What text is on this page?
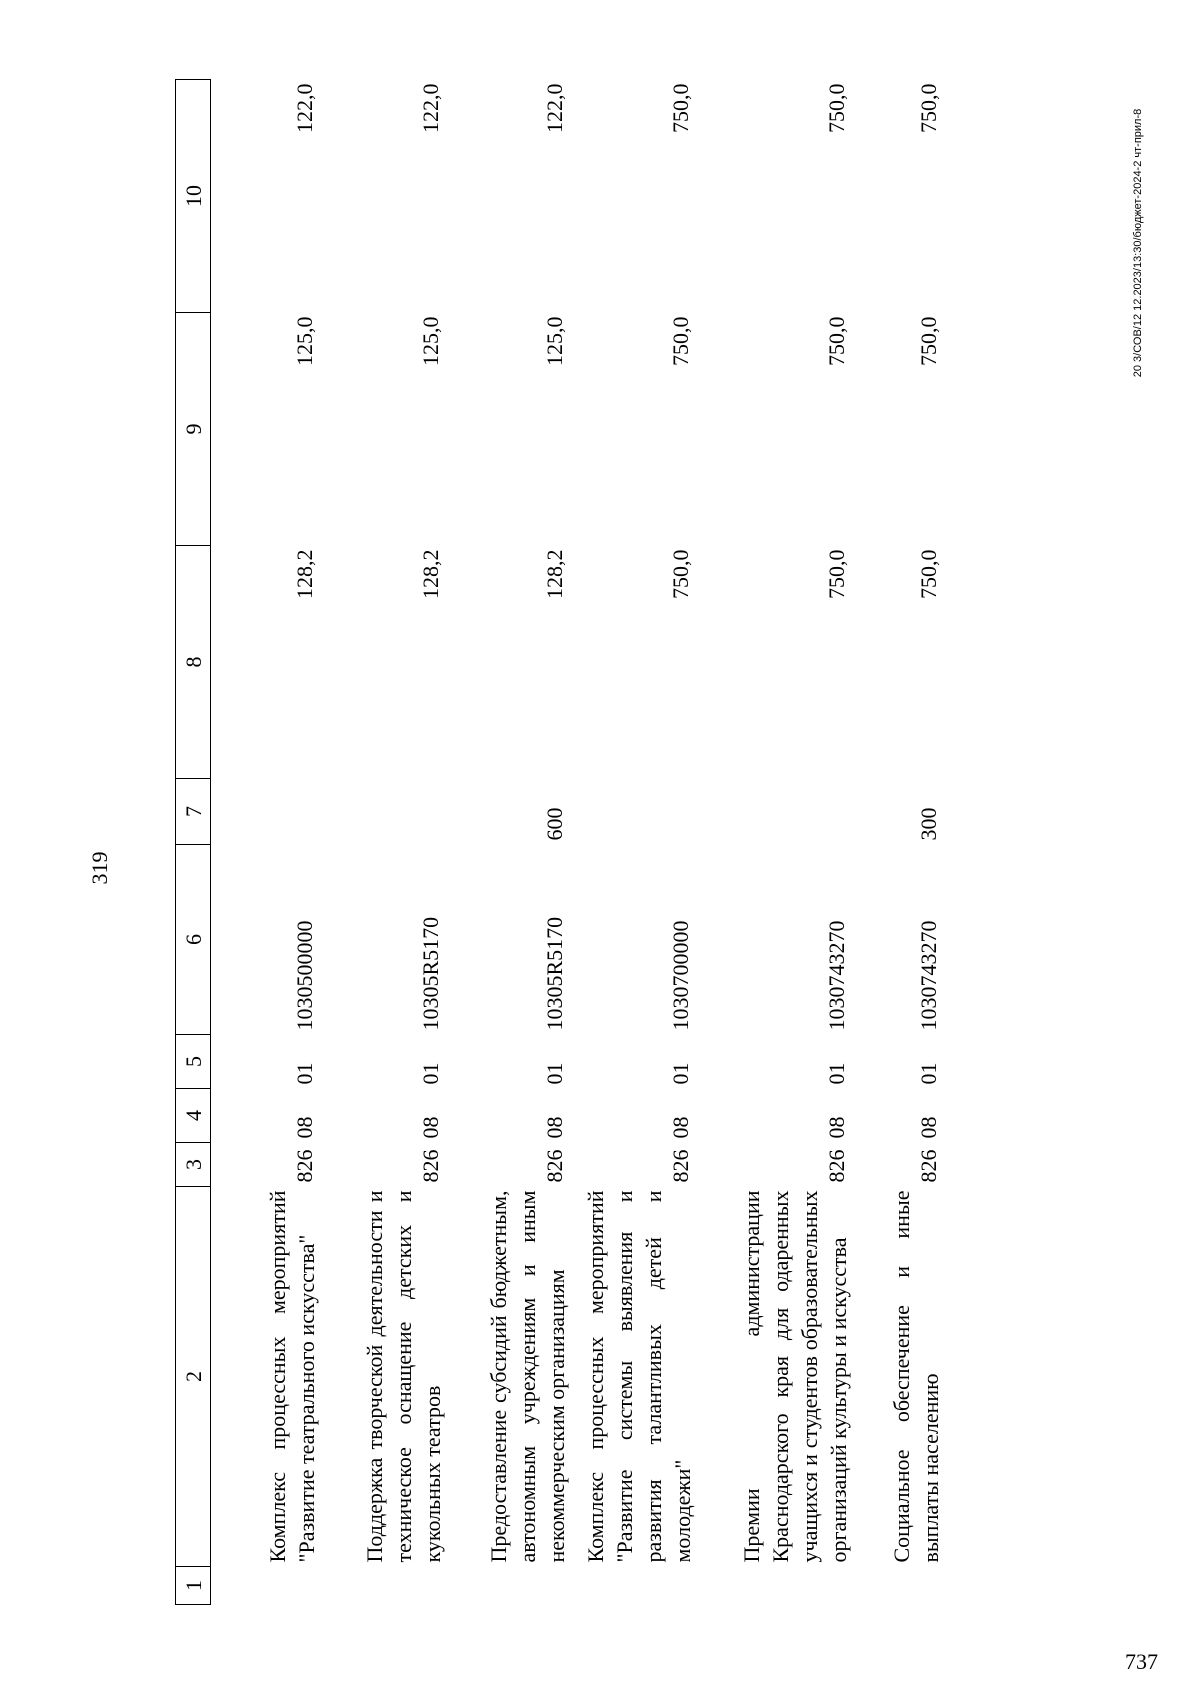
319
20 3/СОВ/12 12.2023/13:30/бюджет-2024-2 чт-прил-8
737
1	2	3	4	5	6	7	8	9	10
	Комплекс процессных мероприятий "Развитие театрального искусства"	826	08	01	1030500000		128,2	125,0	122,0
	Поддержка творческой деятельности и техническое оснащение детских и кукольных театров	826	08	01	10305R5170		128,2	125,0	122,0
	Предоставление субсидий бюджетным, автономным учреждениям и иным некоммерческим организациям	826	08	01	10305R5170	600	128,2	125,0	122,0
	Комплекс процессных мероприятий "Развитие системы выявления и развития талантливых детей и молодежи"	826	08	01	1030700000		750,0	750,0	750,0
	Премии администрации Краснодарского края для одаренных учащихся и студентов образовательных организаций культуры и искусства	826	08	01	1030743270		750,0	750,0	750,0
	Социальное обеспечение и иные выплаты населению	826	08	01	1030743270	300	750,0	750,0	750,0
